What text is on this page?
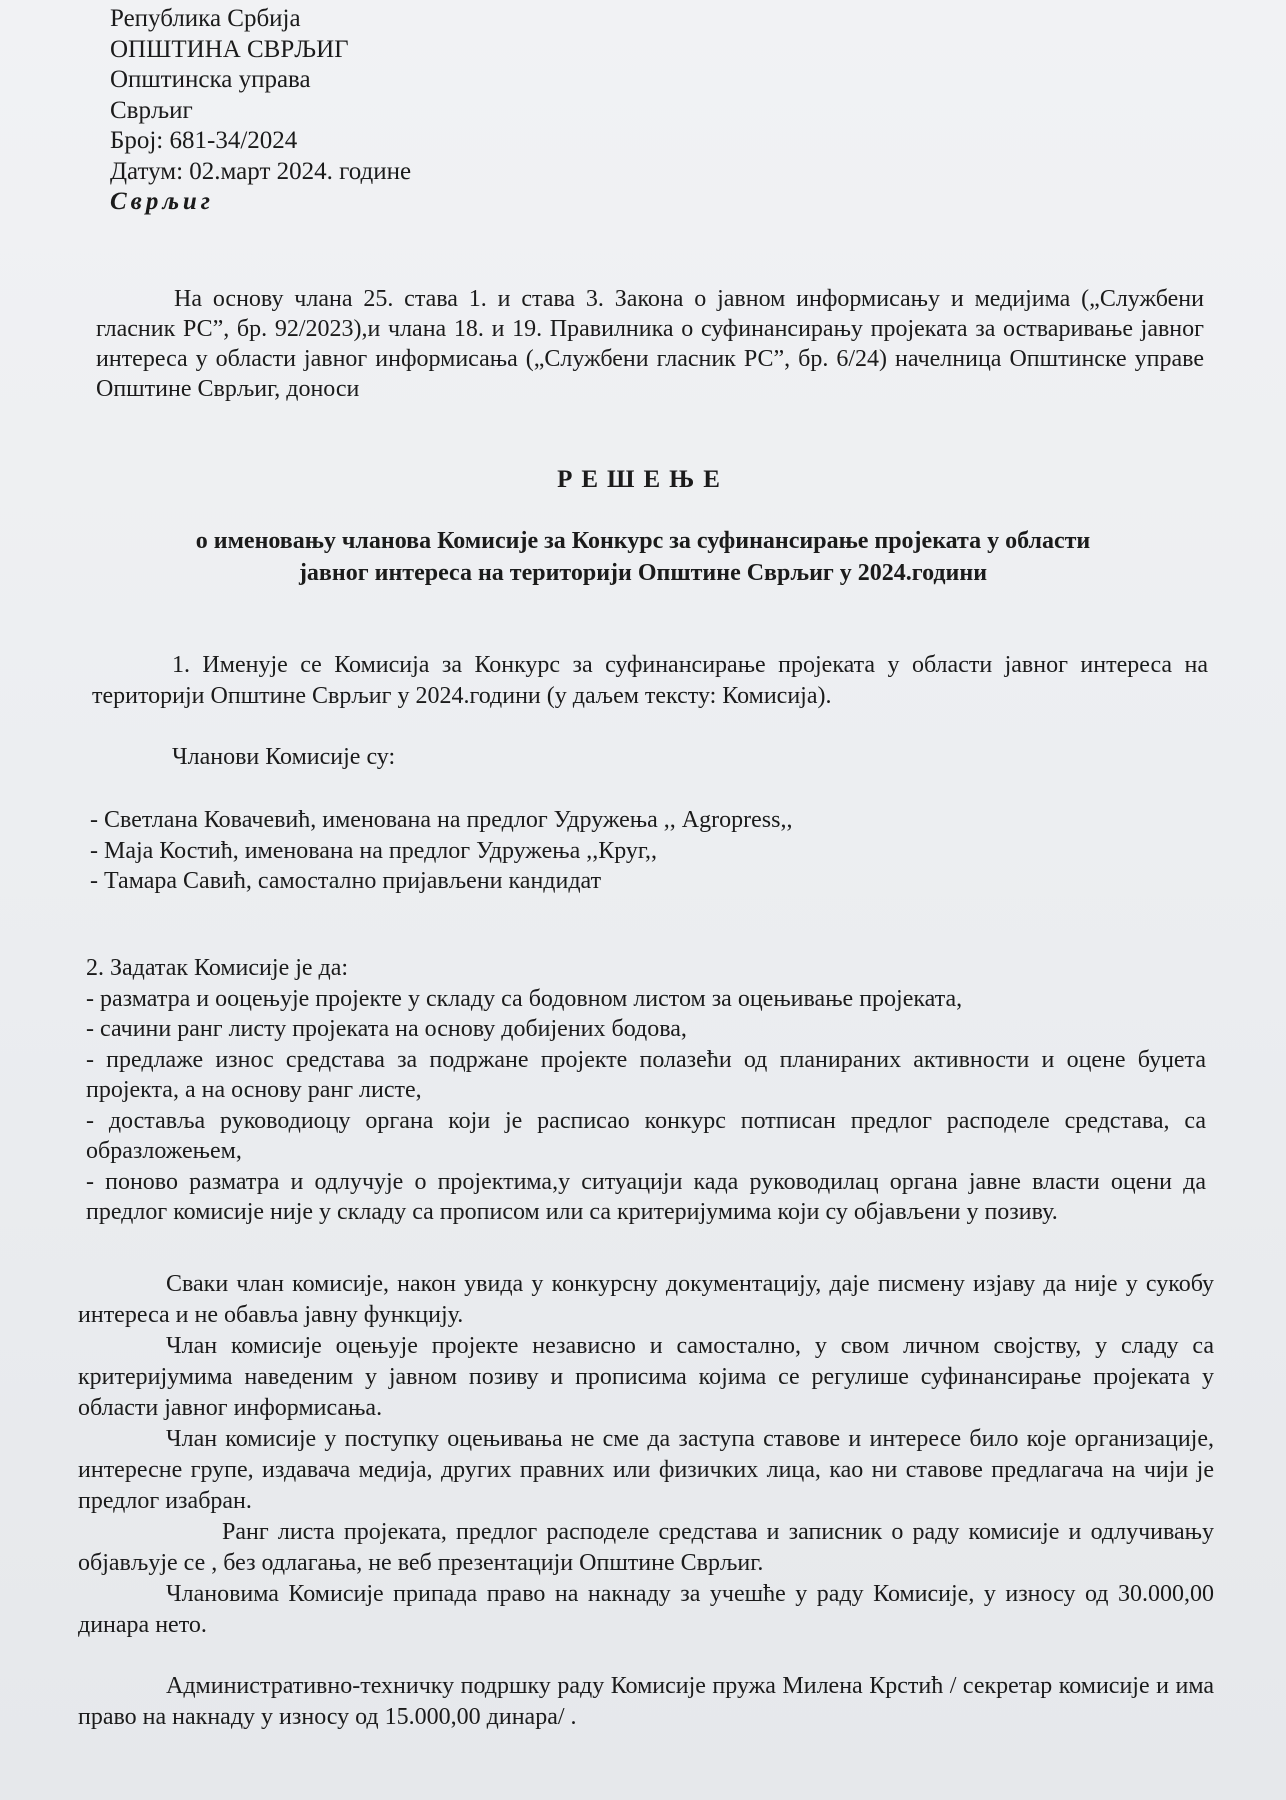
Република Србија
ОПШТИНА СВРЉИГ
Општинска управа
Сврљиг
Број: 681-34/2024
Датум: 02.март 2024. године
Сврљиг

На основу члана 25. става 1. и става 3. Закона о јавном информисању и медијима („Службени гласник РС”, бр. 92/2023),и члана 18. и 19. Правилника о суфинансирању пројеката за остваривање јавног интереса у области јавног информисања („Службени гласник РС”, бр. 6/24) начелница Општинске управе Општине Сврљиг, доноси

РЕШЕЊЕ
о именовању чланова Комисије за Конкурс за суфинансирање пројеката у области
јавног интереса на територији Општине Сврљиг у 2024.години

1. Именује се Комисија за Конкурс за суфинансирање пројеката у области јавног интереса на територији Општине Сврљиг у 2024.години (у даљем тексту: Комисија).

Чланови Комисије су:
- Светлана Ковачевић, именована на предлог Удружења ,, Agropress,,
- Маја Костић, именована на предлог Удружења ,,Круг,,
- Тамара Савић, самостално пријављени кандидат

2. Задатак Комисије је да:

- разматра и ооцењује пројекте у складу са бодовном листом за оцењивање пројеката,

- сачини ранг листу пројеката на основу добијених бодова,

- предлаже износ средстава за подржане пројекте полазећи од планираних активности и оцене буџета пројекта, а на основу ранг листе,

- доставља руководиоцу органа који је расписао конкурс потписан предлог расподеле средстава, са образложењем,

- поново разматра и одлучује о пројектима,у ситуацији када руководилац органа јавне власти оцени да предлог комисије није у складу са прописом или са критеријумима који су објављени у позиву.

Сваки члан комисије, након увида у конкурсну документацију, даје писмену изјаву да није у сукобу интереса и не обавља јавну функцију.

Члан комисије оцењује пројекте независно и самостално, у свом личном својству, у сладу са критеријумима наведеним у јавном позиву и прописима којима се регулише суфинансирање пројеката у области јавног информисања.

Члан комисије у поступку оцењивања не сме да заступа ставове и интересе било које организације, интересне групе, издавача медија, других правних или физичких лица, као ни ставове предлагача на чији је предлог изабран.

Ранг листа пројеката, предлог расподеле средстава и записник о раду комисије и одлучивању објављује се , без одлагања, не веб презентацији Општине Сврљиг.

Члановима Комисије припада право на накнаду за учешће у раду Комисије, у износу од 30.000,00 динара нето.

Административно-техничку подршку раду Комисије пружа Милена Крстић / секретар комисије и има право на накнаду у износу од 15.000,00 динара/ .
